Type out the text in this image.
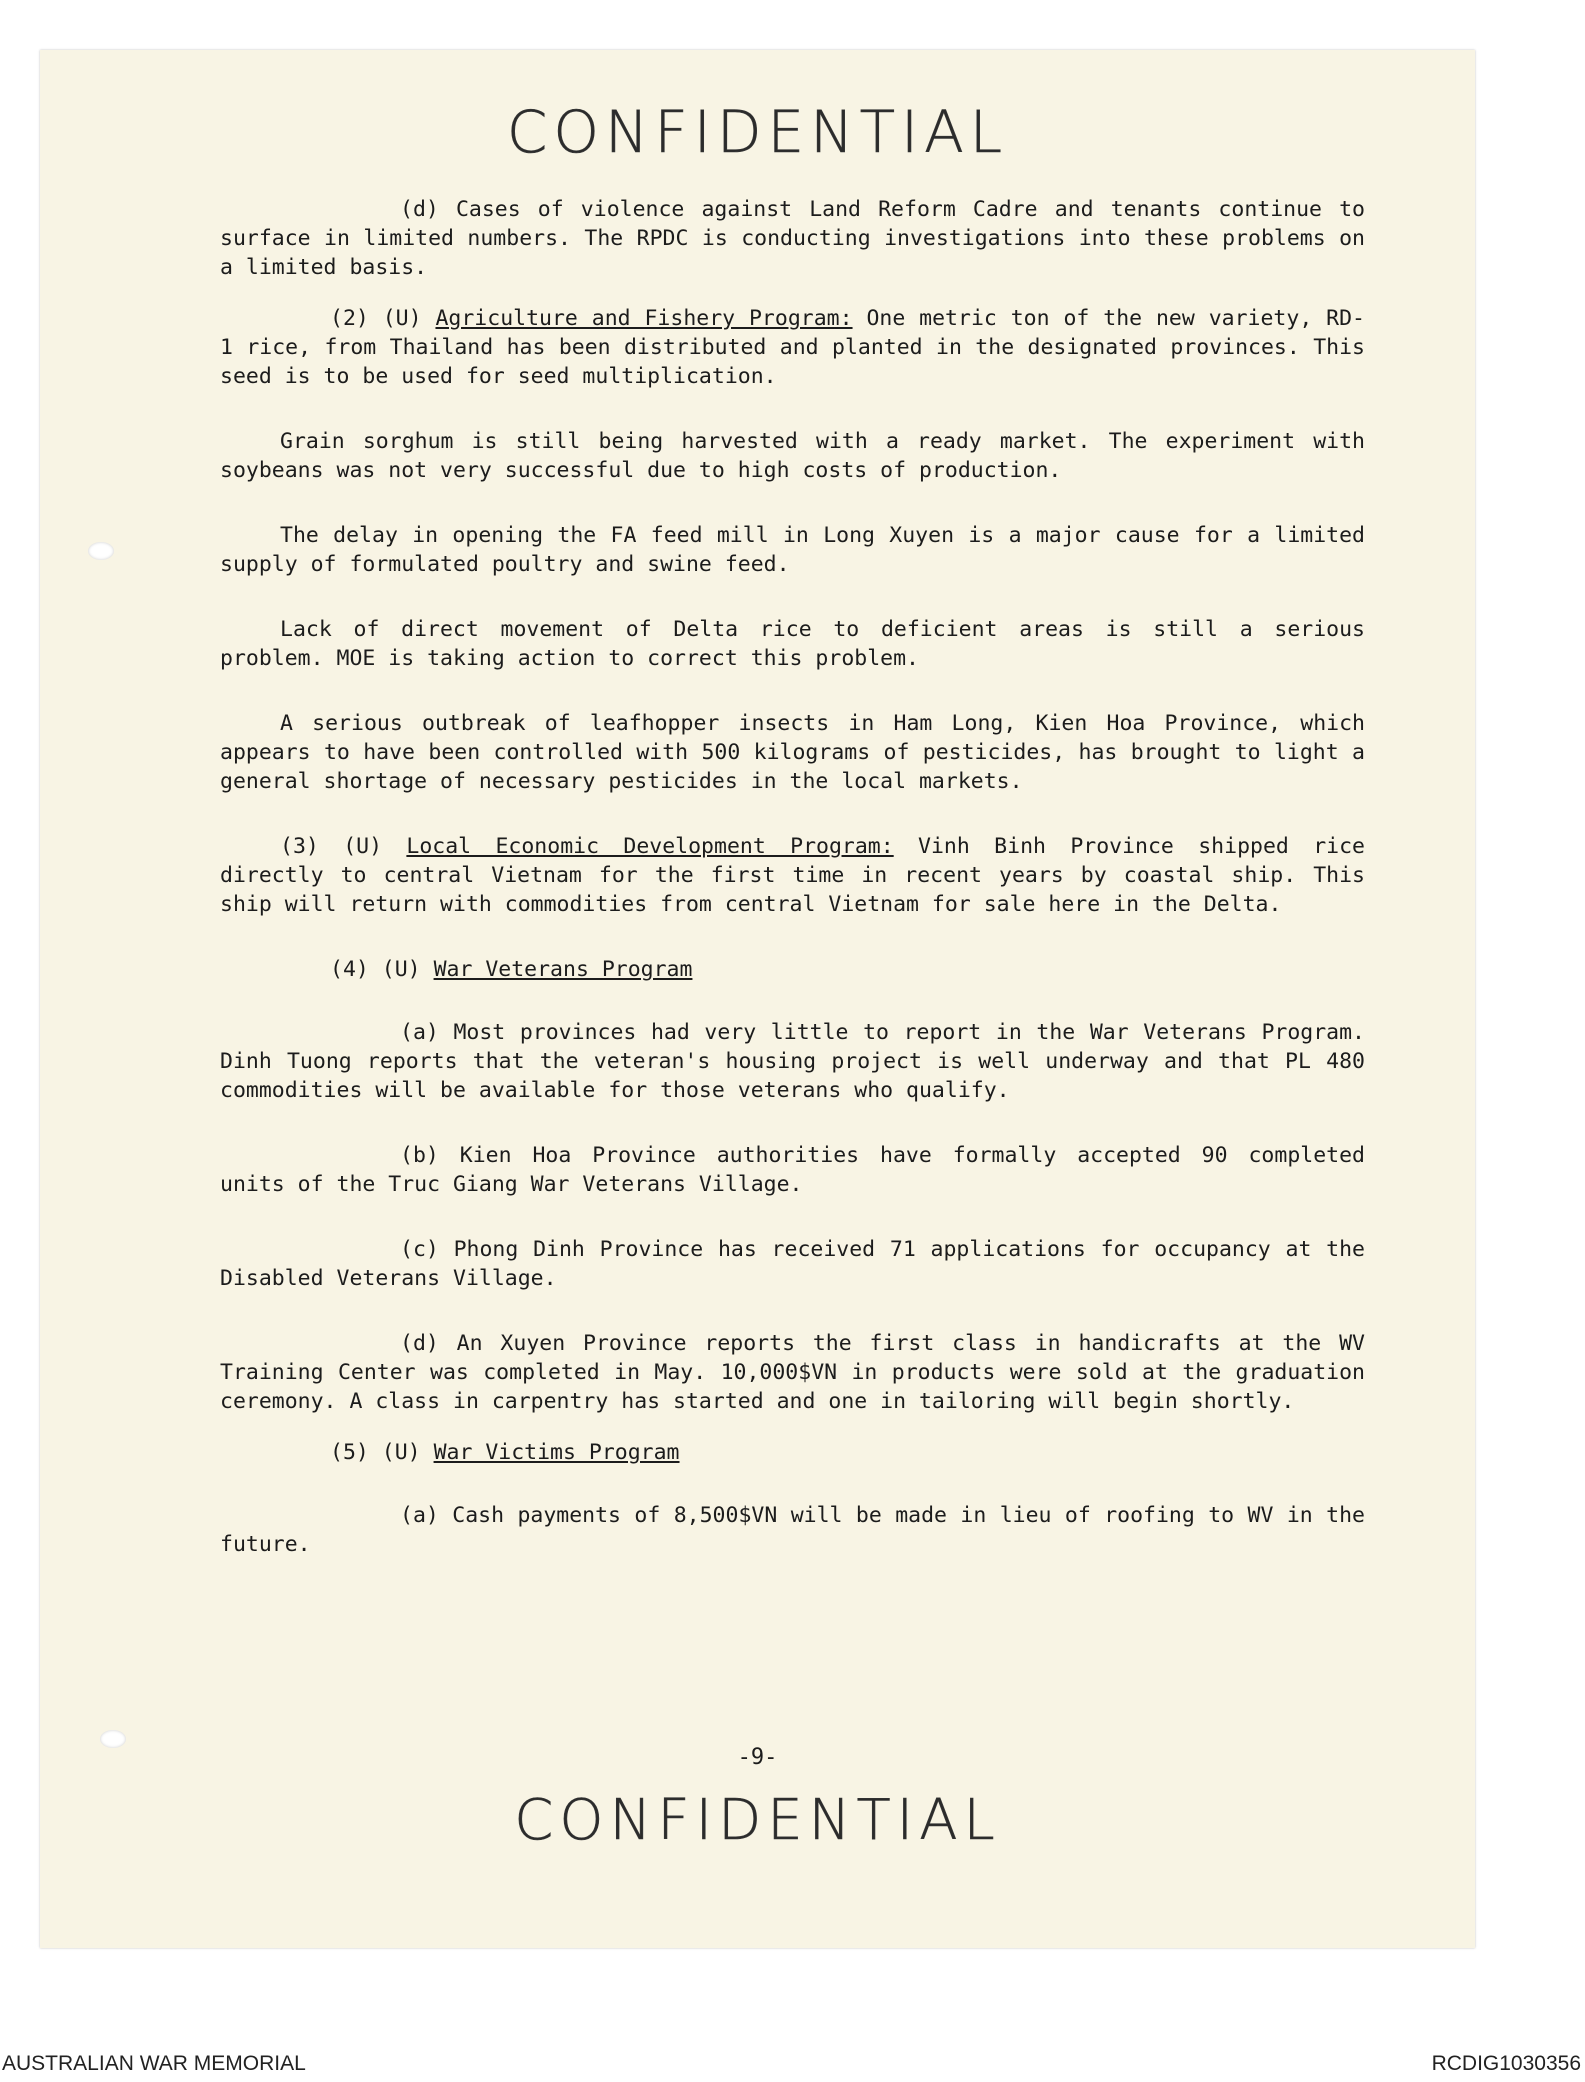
CONFIDENTIAL

(d) Cases of violence against Land Reform Cadre and tenants continue to surface in limited numbers. The RPDC is conducting investigations into these problems on a limited basis.

(2) (U) Agriculture and Fishery Program: One metric ton of the new variety, RD-1 rice, from Thailand has been distributed and planted in the designated provinces. This seed is to be used for seed multiplication.

Grain sorghum is still being harvested with a ready market. The experiment with soybeans was not very successful due to high costs of production.

The delay in opening the FA feed mill in Long Xuyen is a major cause for a limited supply of formulated poultry and swine feed.

Lack of direct movement of Delta rice to deficient areas is still a serious problem. MOE is taking action to correct this problem.

A serious outbreak of leafhopper insects in Ham Long, Kien Hoa Province, which appears to have been controlled with 500 kilograms of pesticides, has brought to light a general shortage of necessary pesticides in the local markets.

(3) (U) Local Economic Development Program: Vinh Binh Province shipped rice directly to central Vietnam for the first time in recent years by coastal ship. This ship will return with commodities from central Vietnam for sale here in the Delta.

(4) (U) War Veterans Program

(a) Most provinces had very little to report in the War Veterans Program. Dinh Tuong reports that the veteran's housing project is well underway and that PL 480 commodities will be available for those veterans who qualify.

(b) Kien Hoa Province authorities have formally accepted 90 completed units of the Truc Giang War Veterans Village.

(c) Phong Dinh Province has received 71 applications for occupancy at the Disabled Veterans Village.

(d) An Xuyen Province reports the first class in handicrafts at the WV Training Center was completed in May. 10,000$VN in products were sold at the graduation ceremony. A class in carpentry has started and one in tailoring will begin shortly.

(5) (U) War Victims Program

(a) Cash payments of 8,500$VN will be made in lieu of roofing to WV in the future.

-9-
CONFIDENTIAL
AUSTRALIAN WAR MEMORIAL	RCDIG1030356
